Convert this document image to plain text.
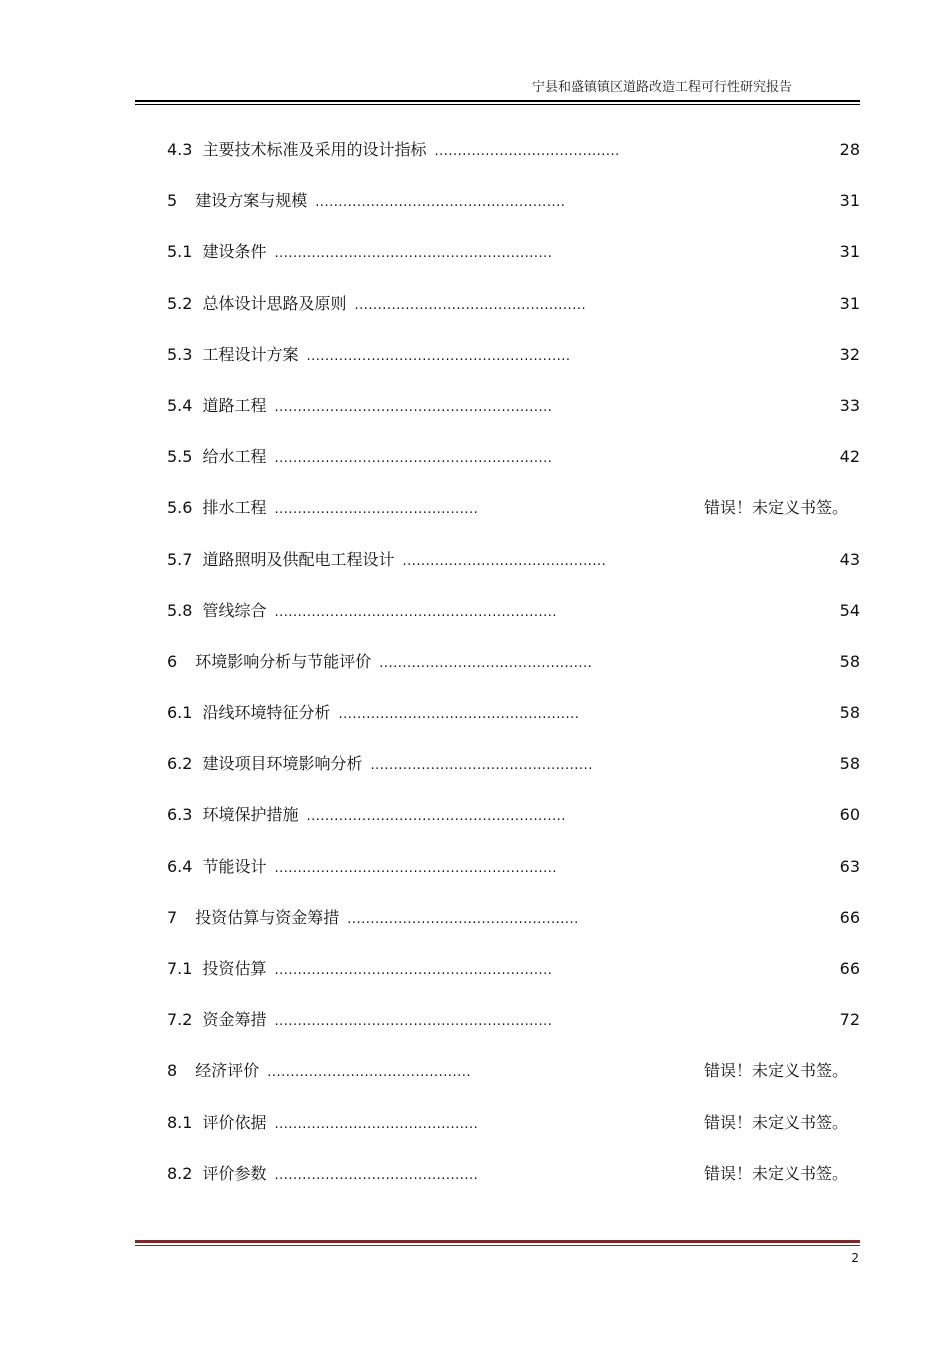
宁县和盛镇镇区道路改造工程可行性研究报告
4.3 主要技术标准及采用的设计指标 ........................................	28
5 建设方案与规模 ......................................................	31
5.1 建设条件 ............................................................	31
5.2 总体设计思路及原则 ..................................................	31
5.3 工程设计方案 .........................................................	32
5.4 道路工程 ............................................................	33
5.5 给水工程 ............................................................	42
5.6 排水工程 ............................................	错误！未定义书签。
5.7 道路照明及供配电工程设计 ............................................	43
5.8 管线综合 .............................................................	54
6 环境影响分析与节能评价 ..............................................	58
6.1 沿线环境特征分析 ....................................................	58
6.2 建设项目环境影响分析 ................................................	58
6.3 环境保护措施 ........................................................	60
6.4 节能设计 .............................................................	63
7 投资估算与资金筹措 ..................................................	66
7.1 投资估算 ............................................................	66
7.2 资金筹措 ............................................................	72
8 经济评价 ............................................	错误！未定义书签。
8.1 评价依据 ............................................	错误！未定义书签。
8.2 评价参数 ............................................	错误！未定义书签。
2
